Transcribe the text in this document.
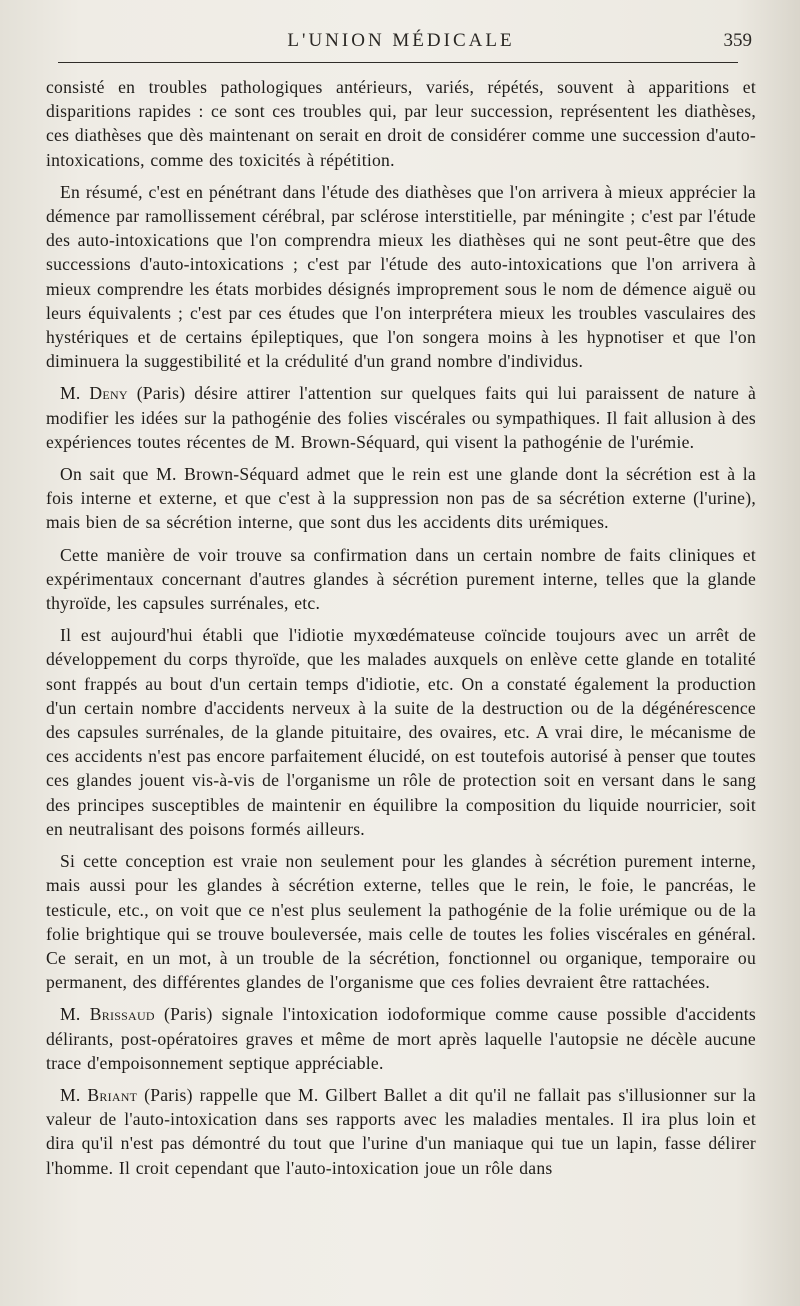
L'UNION MÉDICALE	359

consisté en troubles pathologiques antérieurs, variés, répétés, souvent à apparitions et disparitions rapides : ce sont ces troubles qui, par leur succession, représentent les diathèses, ces diathèses que dès maintenant on serait en droit de considérer comme une succession d'auto-intoxications, comme des toxicités à répétition.

En résumé, c'est en pénétrant dans l'étude des diathèses que l'on arrivera à mieux apprécier la démence par ramollissement cérébral, par sclérose interstitielle, par méningite ; c'est par l'étude des auto-intoxications que l'on comprendra mieux les diathèses qui ne sont peut-être que des successions d'auto-intoxications ; c'est par l'étude des auto-intoxications que l'on arrivera à mieux comprendre les états morbides désignés improprement sous le nom de démence aiguë ou leurs équivalents ; c'est par ces études que l'on interprétera mieux les troubles vasculaires des hystériques et de certains épileptiques, que l'on songera moins à les hypnotiser et que l'on diminuera la suggestibilité et la crédulité d'un grand nombre d'individus.

M. Deny (Paris) désire attirer l'attention sur quelques faits qui lui paraissent de nature à modifier les idées sur la pathogénie des folies viscérales ou sympathiques. Il fait allusion à des expériences toutes récentes de M. Brown-Séquard, qui visent la pathogénie de l'urémie.

On sait que M. Brown-Séquard admet que le rein est une glande dont la sécrétion est à la fois interne et externe, et que c'est à la suppression non pas de sa sécrétion externe (l'urine), mais bien de sa sécrétion interne, que sont dus les accidents dits urémiques.

Cette manière de voir trouve sa confirmation dans un certain nombre de faits cliniques et expérimentaux concernant d'autres glandes à sécrétion purement interne, telles que la glande thyroïde, les capsules surrénales, etc.

Il est aujourd'hui établi que l'idiotie myxœdémateuse coïncide toujours avec un arrêt de développement du corps thyroïde, que les malades auxquels on enlève cette glande en totalité sont frappés au bout d'un certain temps d'idiotie, etc. On a constaté également la production d'un certain nombre d'accidents nerveux à la suite de la destruction ou de la dégénérescence des capsules surrénales, de la glande pituitaire, des ovaires, etc. A vrai dire, le mécanisme de ces accidents n'est pas encore parfaitement élucidé, on est toutefois autorisé à penser que toutes ces glandes jouent vis-à-vis de l'organisme un rôle de protection soit en versant dans le sang des principes susceptibles de maintenir en équilibre la composition du liquide nourricier, soit en neutralisant des poisons formés ailleurs.

Si cette conception est vraie non seulement pour les glandes à sécrétion purement interne, mais aussi pour les glandes à sécrétion externe, telles que le rein, le foie, le pancréas, le testicule, etc., on voit que ce n'est plus seulement la pathogénie de la folie urémique ou de la folie brightique qui se trouve bouleversée, mais celle de toutes les folies viscérales en général. Ce serait, en un mot, à un trouble de la sécrétion, fonctionnel ou organique, temporaire ou permanent, des différentes glandes de l'organisme que ces folies devraient être rattachées.

M. Brissaud (Paris) signale l'intoxication iodoformique comme cause possible d'accidents délirants, post-opératoires graves et même de mort après laquelle l'autopsie ne décèle aucune trace d'empoisonnement septique appréciable.

M. Briant (Paris) rappelle que M. Gilbert Ballet a dit qu'il ne fallait pas s'illusionner sur la valeur de l'auto-intoxication dans ses rapports avec les maladies mentales. Il ira plus loin et dira qu'il n'est pas démontré du tout que l'urine d'un maniaque qui tue un lapin, fasse délirer l'homme. Il croit cependant que l'auto-intoxication joue un rôle dans
